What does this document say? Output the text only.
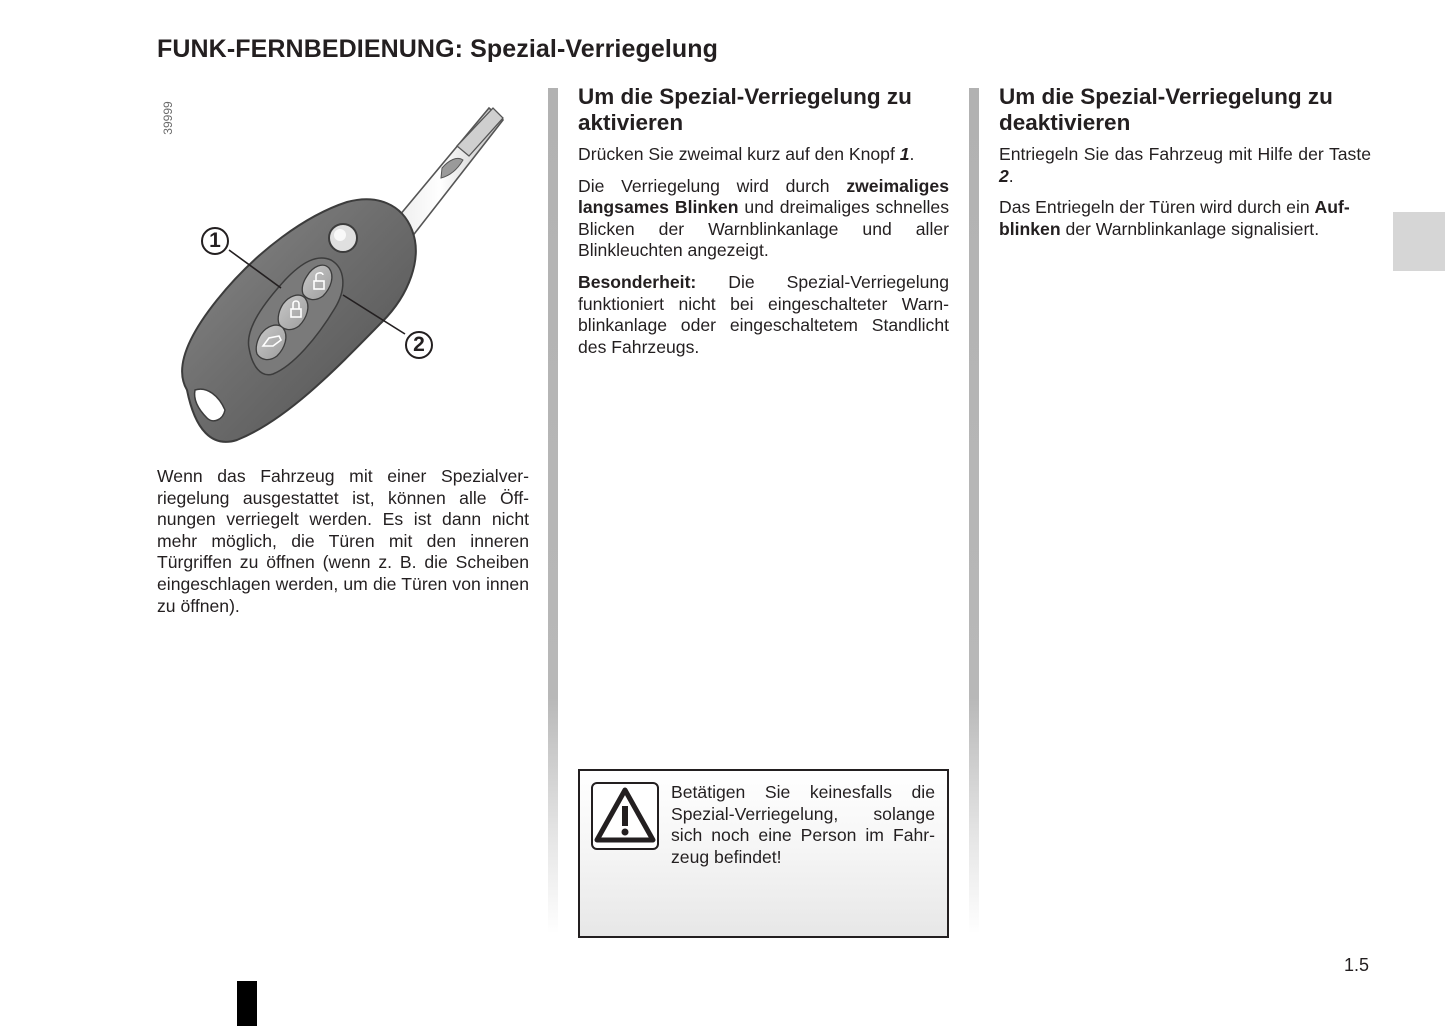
FUNK-FERNBEDIENUNG: Spezial-Verriegelung
39999
1
2

Wenn das Fahrzeug mit einer Spezialverriegelung ausgestattet ist, können alle Öffnungen verriegelt werden. Es ist dann nicht mehr möglich, die Türen mit den inneren Türgriffen zu öffnen (wenn z. B. die Scheiben eingeschlagen werden, um die Türen von innen zu öffnen).

Um die Spezial-Verriegelung zu aktivieren

Drücken Sie zweimal kurz auf den Knopf 1.

Die Verriegelung wird durch zweimaliges langsames Blinken und dreimaliges schnelles Blicken der Warnblinkanlage und aller Blinkleuchten angezeigt.

Besonderheit: Die Spezial-Verriegelung funktioniert nicht bei eingeschalteter Warnblinkanlage oder eingeschaltetem Standlicht des Fahrzeugs.

Um die Spezial-Verriegelung zu deaktivieren

Entriegeln Sie das Fahrzeug mit Hilfe der Taste 2.

Das Entriegeln der Türen wird durch ein Aufblinken der Warnblinkanlage signalisiert.

Betätigen Sie keinesfalls die Spezial-Verriegelung, solange sich noch eine Person im Fahrzeug befindet!
1.5
